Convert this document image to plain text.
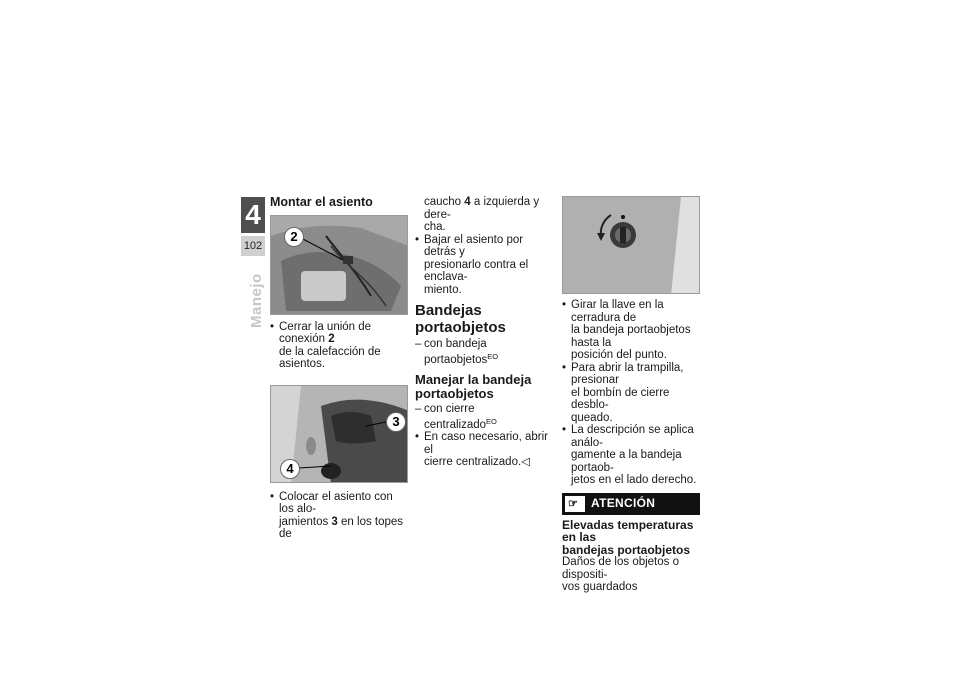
4
102
Manejo
Montar el asiento
2

• Cerrar la unión de conexión 2

de la calefacción de asientos.

3
4

• Colocar el asiento con los alo-

jamientos 3 en los topes de

caucho 4 a izquierda y dere-

cha.

• Bajar el asiento por detrás y

presionarlo contra el enclava-

miento.

Bandejas portaobjetos

– con bandeja portaobjetos$^{EO}$

Manejar la bandeja
portaobjetos

– con cierre centralizado$^{EO}$

• En caso necesario, abrir el

cierre centralizado.◁

• Girar la llave en la cerradura de

la bandeja portaobjetos hasta la

posición del punto.

• Para abrir la trampilla, presionar

el bombín de cierre desblo-

queado.

• La descripción se aplica análo-

gamente a la bandeja portaob-

jetos en el lado derecho.

☞ ATENCIÓN

Elevadas temperaturas en las
bandejas portaobjetos

Daños de los objetos o dispositi-
vos guardados
